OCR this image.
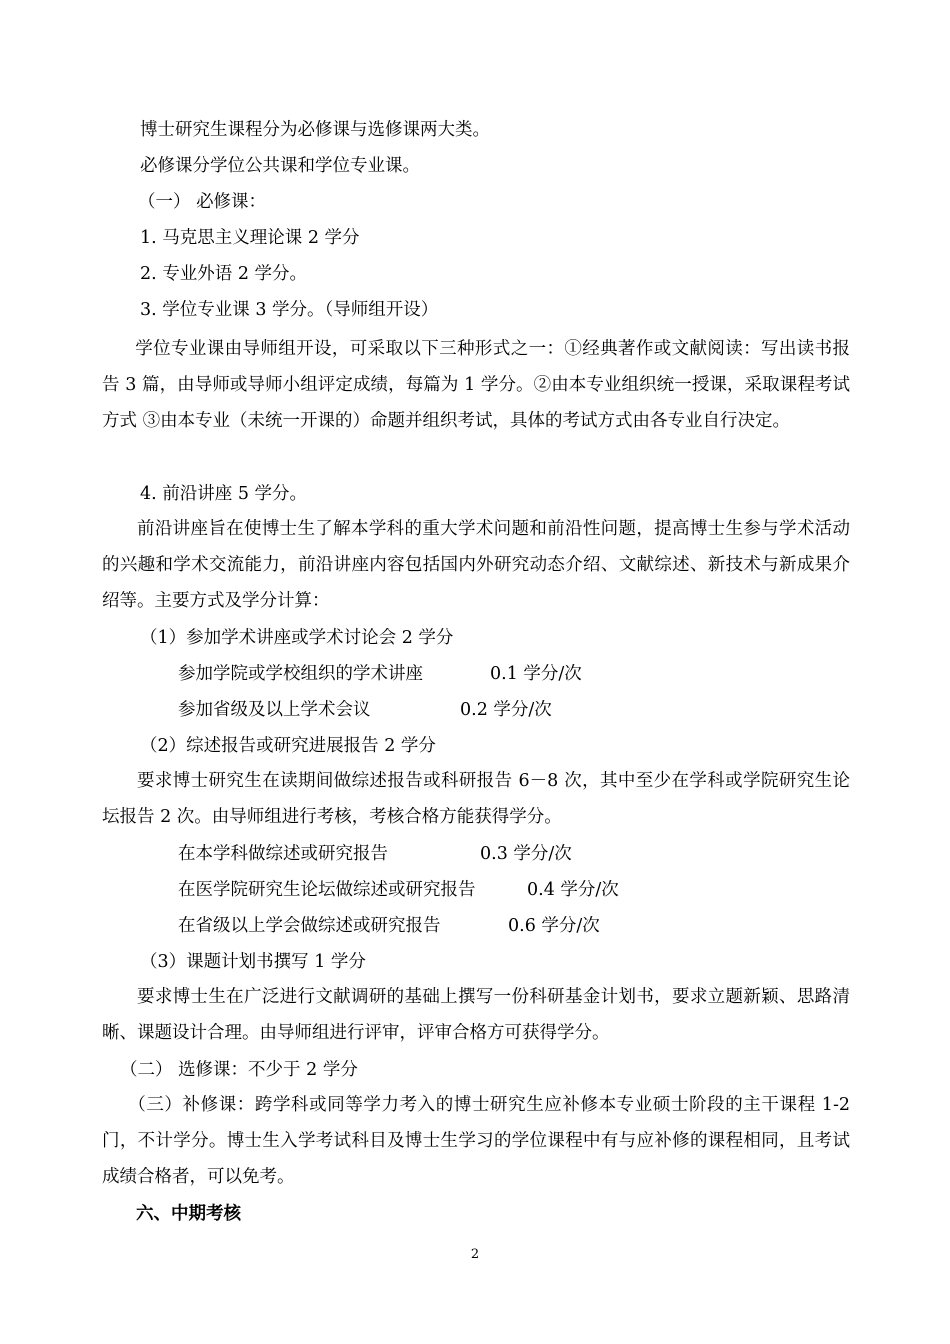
博士研究生课程分为必修课与选修课两大类。
必修课分学位公共课和学位专业课。
（一） 必修课：
1. 马克思主义理论课 2 学分
2. 专业外语 2 学分。
3. 学位专业课 3 学分。（导师组开设）
学位专业课由导师组开设，可采取以下三种形式之一：①经典著作或文献阅读：写出读书报告 3 篇，由导师或导师小组评定成绩，每篇为 1 学分。②由本专业组织统一授课，采取课程考试方式 ③由本专业（未统一开课的）命题并组织考试，具体的考试方式由各专业自行决定。
4. 前沿讲座 5 学分。
前沿讲座旨在使博士生了解本学科的重大学术问题和前沿性问题，提高博士生参与学术活动的兴趣和学术交流能力，前沿讲座内容包括国内外研究动态介绍、文献综述、新技术与新成果介绍等。主要方式及学分计算：
（1）参加学术讲座或学术讨论会 2 学分
参加学院或学校组织的学术讲座	0.1 学分/次
参加省级及以上学术会议	0.2 学分/次
（2）综述报告或研究进展报告 2 学分
要求博士研究生在读期间做综述报告或科研报告 6－8 次，其中至少在学科或学院研究生论坛报告 2 次。由导师组进行考核，考核合格方能获得学分。
在本学科做综述或研究报告	0.3 学分/次
在医学院研究生论坛做综述或研究报告	0.4 学分/次
在省级以上学会做综述或研究报告	0.6 学分/次
（3）课题计划书撰写 1 学分
要求博士生在广泛进行文献调研的基础上撰写一份科研基金计划书，要求立题新颖、思路清晰、课题设计合理。由导师组进行评审，评审合格方可获得学分。
（二） 选修课：不少于 2 学分
（三）补修课：跨学科或同等学力考入的博士研究生应补修本专业硕士阶段的主干课程 1-2 门，不计学分。博士生入学考试科目及博士生学习的学位课程中有与应补修的课程相同，且考试成绩合格者，可以免考。
六、中期考核
2
